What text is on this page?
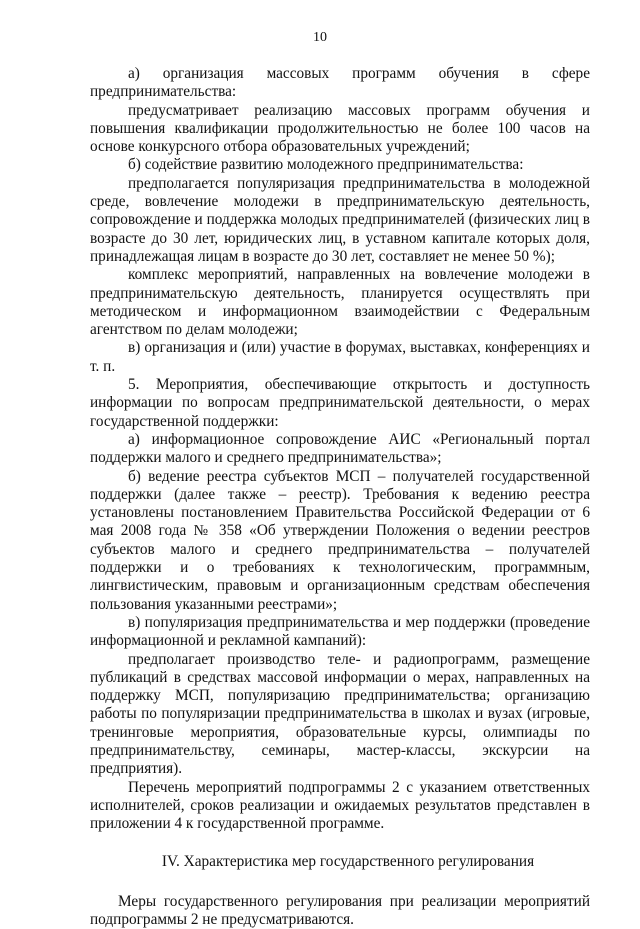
10

а) организация массовых программ обучения в сфере предпринимательства:

предусматривает реализацию массовых программ обучения и повышения квалификации продолжительностью не более 100 часов на основе конкурсного отбора образовательных учреждений;

б) содействие развитию молодежного предпринимательства:

предполагается популяризация предпринимательства в молодежной среде, вовлечение молодежи в предпринимательскую деятельность, сопровождение и поддержка молодых предпринимателей (физических лиц в возрасте до 30 лет, юридических лиц, в уставном капитале которых доля, принадлежащая лицам в возрасте до 30 лет, составляет не менее 50 %);

комплекс мероприятий, направленных на вовлечение молодежи в предпринимательскую деятельность, планируется осуществлять при методическом и информационном взаимодействии с Федеральным агентством по делам молодежи;

в) организация и (или) участие в форумах, выставках, конференциях и т. п.

5. Мероприятия, обеспечивающие открытость и доступность информации по вопросам предпринимательской деятельности, о мерах государственной поддержки:

а) информационное сопровождение АИС «Региональный портал поддержки малого и среднего предпринимательства»;

б) ведение реестра субъектов МСП – получателей государственной поддержки (далее также – реестр). Требования к ведению реестра установлены постановлением Правительства Российской Федерации от 6 мая 2008 года № 358 «Об утверждении Положения о ведении реестров субъектов малого и среднего предпринимательства – получателей поддержки и о требованиях к технологическим, программным, лингвистическим, правовым и организационным средствам обеспечения пользования указанными реестрами»;

в) популяризация предпринимательства и мер поддержки (проведение информационной и рекламной кампаний):

предполагает производство теле- и радиопрограмм, размещение публикаций в средствах массовой информации о мерах, направленных на поддержку МСП, популяризацию предпринимательства; организацию работы по популяризации предпринимательства в школах и вузах (игровые, тренинговые мероприятия, образовательные курсы, олимпиады по предпринимательству, семинары, мастер-классы, экскурсии на предприятия).

Перечень мероприятий подпрограммы 2 с указанием ответственных исполнителей, сроков реализации и ожидаемых результатов представлен в приложении 4 к государственной программе.

IV. Характеристика мер государственного регулирования

Меры государственного регулирования при реализации мероприятий подпрограммы 2 не предусматриваются.
